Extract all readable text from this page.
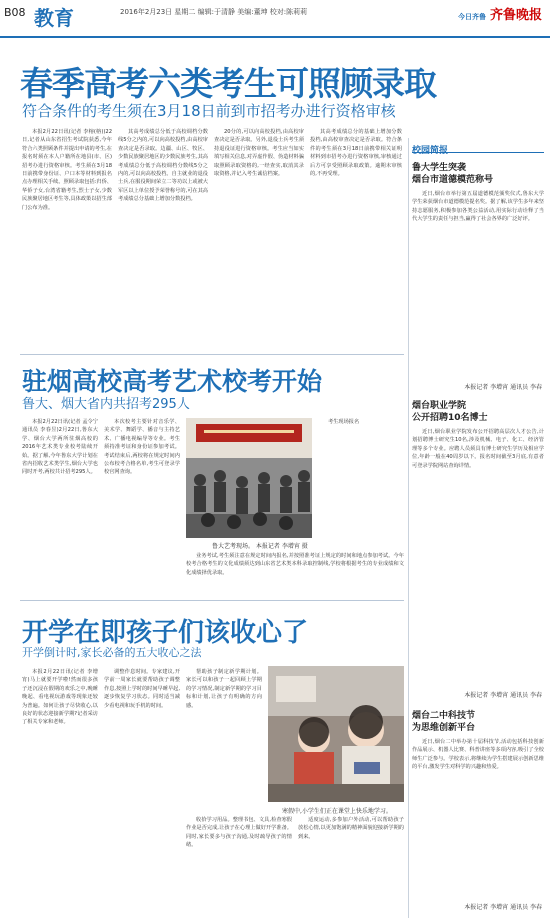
B08 教育	2016年2月23日 星期二 编辑:于清静 美编:董坤 校对:陈莉莉
今日齐鲁 齐鲁晚报
春季高考六类考生可照顾录取
符合条件的考生须在3月18日前到市招考办进行资格审核

本报2月22日讯(记者 李榕(榕))22日,记者从山东省招生考试院获悉,今年符合六类照顾条件并提出申请的考生,在报名时须在本人户籍所在地县(市、区)招考办进行资格审核。考生须在3月18日前携带身份证、户口本等材料到报名点办理相关手续。照顾录取包括:归侨、华侨子女,台湾省籍考生,烈士子女,少数民族聚居地区考生等,具体政策以招生部门公布为准。

其高考成绩总分低于高校调档分数线5分之内的,可以向高校投档,由高校审查决定是否录取。边疆、山区、牧区、少数民族聚居地区的少数民族考生,其高考成绩总分低于高校调档分数线5分之内的,可以向高校投档。自主就业的退役士兵,在服役期间荣立二等功以上或被大军区以上单位授予荣誉称号的,可在其高考成绩总分基础上增加分数投档。

20分的,可以向高校投档,由高校审查决定是否录取。另外,退役士兵考生须持退役证进行资格审核。考生应当如实填写相关信息,对弄虚作假、伪造材料骗取照顾录取资格的,一经查实,取消其录取资格,并记入考生诚信档案。

其高考成绩总分的基础上增加分数投档,由高校审查决定是否录取。符合条件的考生须在3月18日前携带相关证明材料到市招考办进行资格审核,审核通过后方可享受照顾录取政策。逾期未审核的,不再受理。

驻烟高校高考艺术校考开始
鲁大、烟大省内共招考295人

本报2月22日讯(记者 孟令宁 通讯员 李春昱)2月22日,鲁东大学、烟台大学两所驻烟高校的2016年艺术类专业校考陆续开始。据了解,今年鲁东大学计划在省内招收艺术类学生,烟台大学也同时开考,两校共计招考295人。

本次校考主要针对音乐学、美术学、舞蹈学、播音与主持艺术、广播电视编导等专业。考生须持准考证和身份证参加考试。考试结束后,两校将在规定时间内公布校考合格名单,考生可登录学校官网查询。

鲁大艺考现场。 本报记者 李增宵 摄

考生现场报名

业务考试,考生须注意在规定时间内报名,并按照准考证上规定的时间和地点参加考试。今年校考合格考生的文化成绩须达到山东省艺术类本科录取控制线,学校将根据考生的专业成绩和文化成绩择优录取。

开学在即孩子们该收心了
开学倒计时,家长必备的五大收心之法

本报2月22日讯(记者 李增宵)马上就要开学啦!然而很多孩子还沉浸在假期的欢乐之中,晚睡晚起、看电视玩游戏等现象还较为普遍。如何让孩子尽快收心,以良好的状态迎接新学期?记者采访了相关专家和老师。

调整作息时间。专家建议,开学前一周家长就要帮助孩子调整作息,按照上学时的时间早睡早起,逐步恢复学习状态。同时适当减少看电视和玩手机的时间。

帮助孩子制定新学期计划。家长可以和孩子一起回顾上学期的学习情况,制定新学期的学习目标和计划,让孩子有明确的方向感。

寒假中,小学生们正在课堂上快乐地学习。

收拾学习用品。整理书包、文具,检查寒假作业是否完成,让孩子在心理上做好开学准备。同时,家长要多与孩子沟通,及时疏导孩子的情绪。

适度运动,多参加户外活动,可以帮助孩子放松心情,以更加饱满的精神面貌迎接新学期的到来。

校园简报
鲁大学生突袭
烟台市道德模范称号

近日,烟台市举行第五届道德模范颁奖仪式,鲁东大学学生荣获烟台市道德模范提名奖。据了解,该学生多年来坚持志愿服务,积极参加各类公益活动,用实际行动诠释了当代大学生的责任与担当,赢得了社会各界的广泛好评。

本报记者 李增宵 通讯员 李春
烟台职业学院
公开招聘10名博士

近日,烟台职业学院发布公开招聘高层次人才公告,计划招聘博士研究生10名,涉及机械、电子、化工、经济管理等多个专业。应聘人员须具有博士研究生学历及相应学位,年龄一般在40周岁以下。报名时间截至3月底,有意者可登录学院网站查询详情。

本报记者 李增宵 通讯员 李春
烟台二中科技节
为思维创新平台

近日,烟台二中举办第十届科技节,活动包括科技创新作品展示、机器人比赛、科普讲座等多项内容,吸引了全校师生广泛参与。学校表示,将继续为学生搭建展示创新思维的平台,激发学生对科学的兴趣和热爱。

本报记者 李增宵 通讯员 李春
